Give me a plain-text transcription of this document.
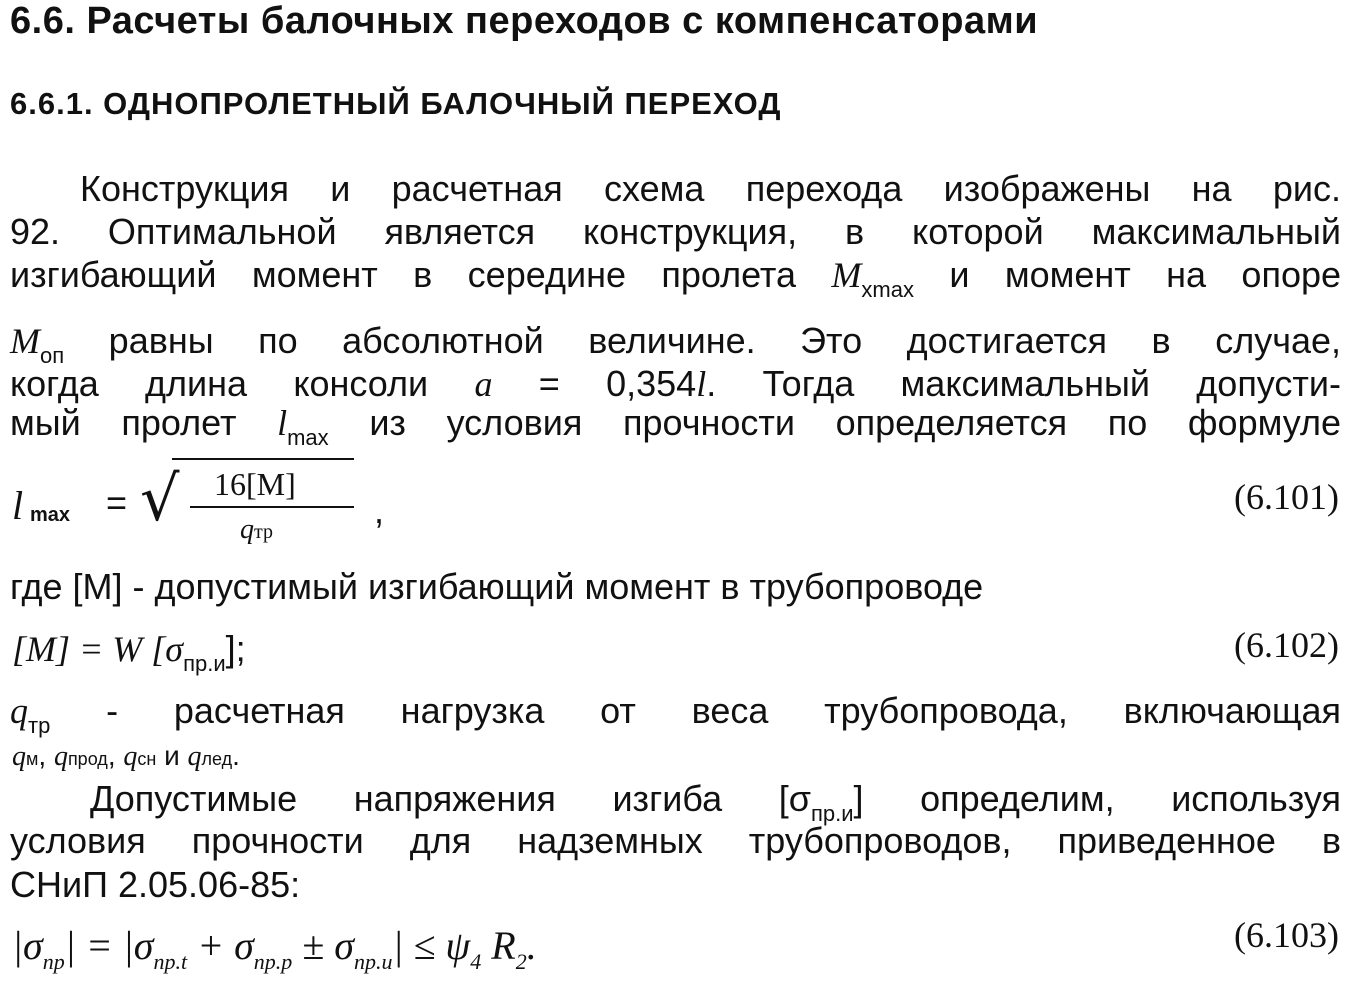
6.6. Расчеты балочных переходов с компенсаторами
6.6.1. ОДНОПРОЛЕТНЫЙ БАЛОЧНЫЙ ПЕРЕХОД
Конструкция и расчетная схема перехода изображены на рис.
92. Оптимальной является конструкция, в которой максимальный
изгибающий момент в середине пролета $M_{xmax}$ и момент на опоре
$M_{оп}$ равны по абсолютной величине. Это достигается в случае,
когда длина консоли a = 0,354l. Тогда максимальный допусти-
мый пролет $l_{max}$ из условия прочности определяется по формуле
l max = √ 16[M]
qтр
,	(6.101)
где [M] - допустимый изгибающий момент в трубопроводе
[M] = W $[\sigma_{пр.и}]$;	(6.102)
$q_{тр}$ - расчетная нагрузка от веса трубопровода, включающая
qм, qпрод, qсн и qлед.
Допустимые напряжения изгиба $[\sigma_{пр.и}]$ определим, используя
условия прочности для надземных трубопроводов, приведенное в
СНиП 2.05.06-85:
$|\sigma_{пр}| = |\sigma_{пр.t} + \sigma_{пр.p} \pm \sigma_{пр.и}| \le \psi_4$ $R_2$.	(6.103)
